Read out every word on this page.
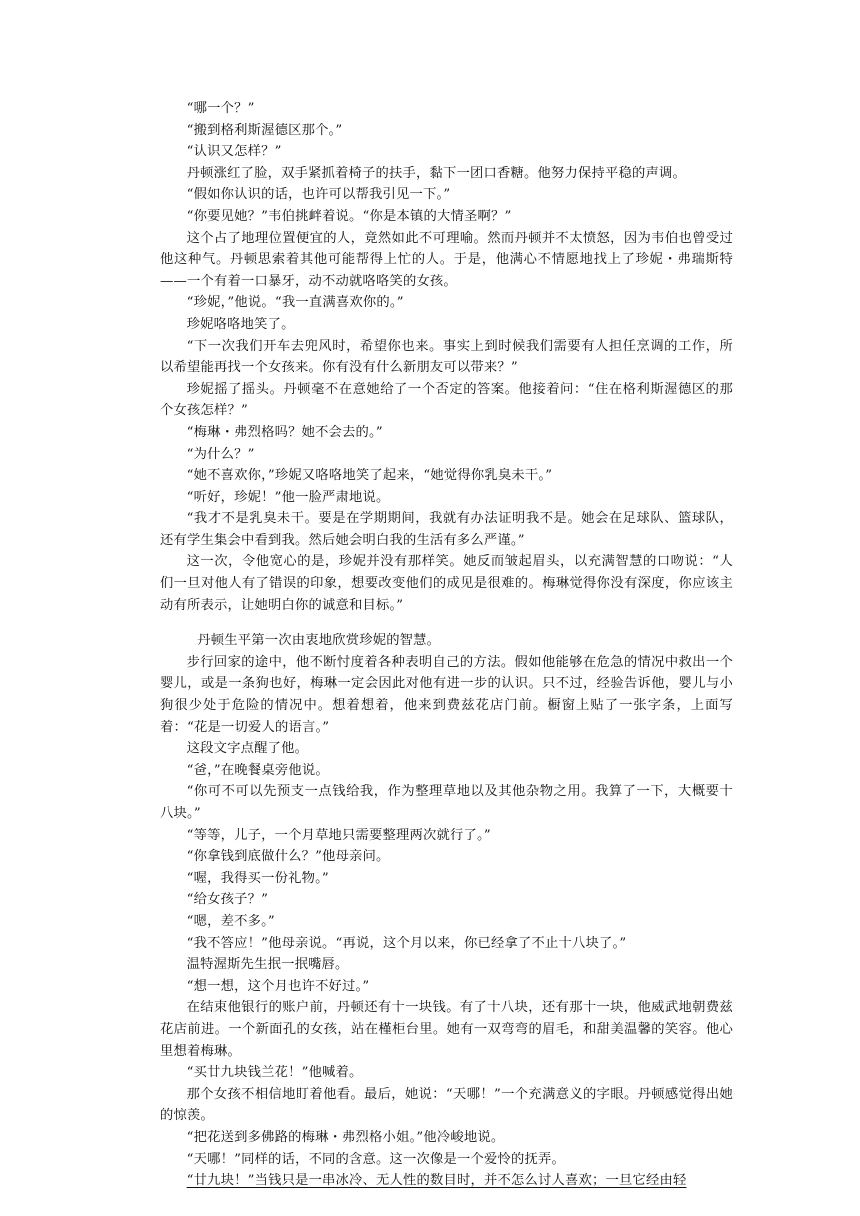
“哪一个？”

“搬到格利斯渥德区那个。”

“认识又怎样？”

丹顿涨红了脸，双手紧抓着椅子的扶手，黏下一团口香糖。他努力保持平稳的声调。

“假如你认识的话，也许可以帮我引见一下。”

“你要见她？”韦伯挑衅着说。“你是本镇的大情圣啊？”

这个占了地理位置便宜的人，竟然如此不可理喻。然而丹顿并不太愤怒，因为韦伯也曾受过他这种气。丹顿思索着其他可能帮得上忙的人。于是，他满心不情愿地找上了珍妮・弗瑞斯特——一个有着一口暴牙，动不动就咯咯笑的女孩。

“珍妮，”他说。“我一直满喜欢你的。”

珍妮咯咯地笑了。

“下一次我们开车去兜风时，希望你也来。事实上到时候我们需要有人担任烹调的工作，所以希望能再找一个女孩来。你有没有什么新朋友可以带来？”

珍妮摇了摇头。丹顿毫不在意她给了一个否定的答案。他接着问：“住在格利斯渥德区的那个女孩怎样？”

“梅琳・弗烈格吗？她不会去的。”

“为什么？”

“她不喜欢你，”珍妮又咯咯地笑了起来，“她觉得你乳臭未干。”

“听好，珍妮！”他一脸严肃地说。

“我才不是乳臭未干。要是在学期期间，我就有办法证明我不是。她会在足球队、篮球队，还有学生集会中看到我。然后她会明白我的生活有多么严谨。”

这一次，令他宽心的是，珍妮并没有那样笑。她反而皱起眉头，以充满智慧的口吻说：“人们一旦对他人有了错误的印象，想要改变他们的成见是很难的。梅琳觉得你没有深度，你应该主动有所表示，让她明白你的诚意和目标。”

丹顿生平第一次由衷地欣赏珍妮的智慧。

步行回家的途中，他不断忖度着各种表明自己的方法。假如他能够在危急的情况中救出一个婴儿，或是一条狗也好，梅琳一定会因此对他有进一步的认识。只不过，经验告诉他，婴儿与小狗很少处于危险的情况中。想着想着，他来到费兹花店门前。橱窗上贴了一张字条，上面写着：“花是一切爱人的语言。”

这段文字点醒了他。

“爸，”在晚餐桌旁他说。

“你可不可以先预支一点钱给我，作为整理草地以及其他杂物之用。我算了一下，大概要十八块。”

“等等，儿子，一个月草地只需要整理两次就行了。”

“你拿钱到底做什么？”他母亲问。

“喔，我得买一份礼物。”

“给女孩子？”

“嗯，差不多。”

“我不答应！”他母亲说。“再说，这个月以来，你已经拿了不止十八块了。”

温特渥斯先生抿一抿嘴唇。

“想一想，这个月也许不好过。”

在结束他银行的账户前，丹顿还有十一块钱。有了十八块，还有那十一块，他威武地朝费兹花店前进。一个新面孔的女孩，站在槿柜台里。她有一双弯弯的眉毛，和甜美温馨的笑容。他心里想着梅琳。

“买廿九块钱兰花！”他喊着。

那个女孩不相信地盯着他看。最后，她说：“天哪！”一个充满意义的字眼。丹顿感觉得出她的惊羡。

“把花送到多佛路的梅琳・弗烈格小姐。”他冷峻地说。

“天哪！”同样的话，不同的含意。这一次像是一个爱怜的抚弄。

“廿九块！”当钱只是一串冰冷、无人性的数目时，并不怎么讨人喜欢；一旦它经由轻
